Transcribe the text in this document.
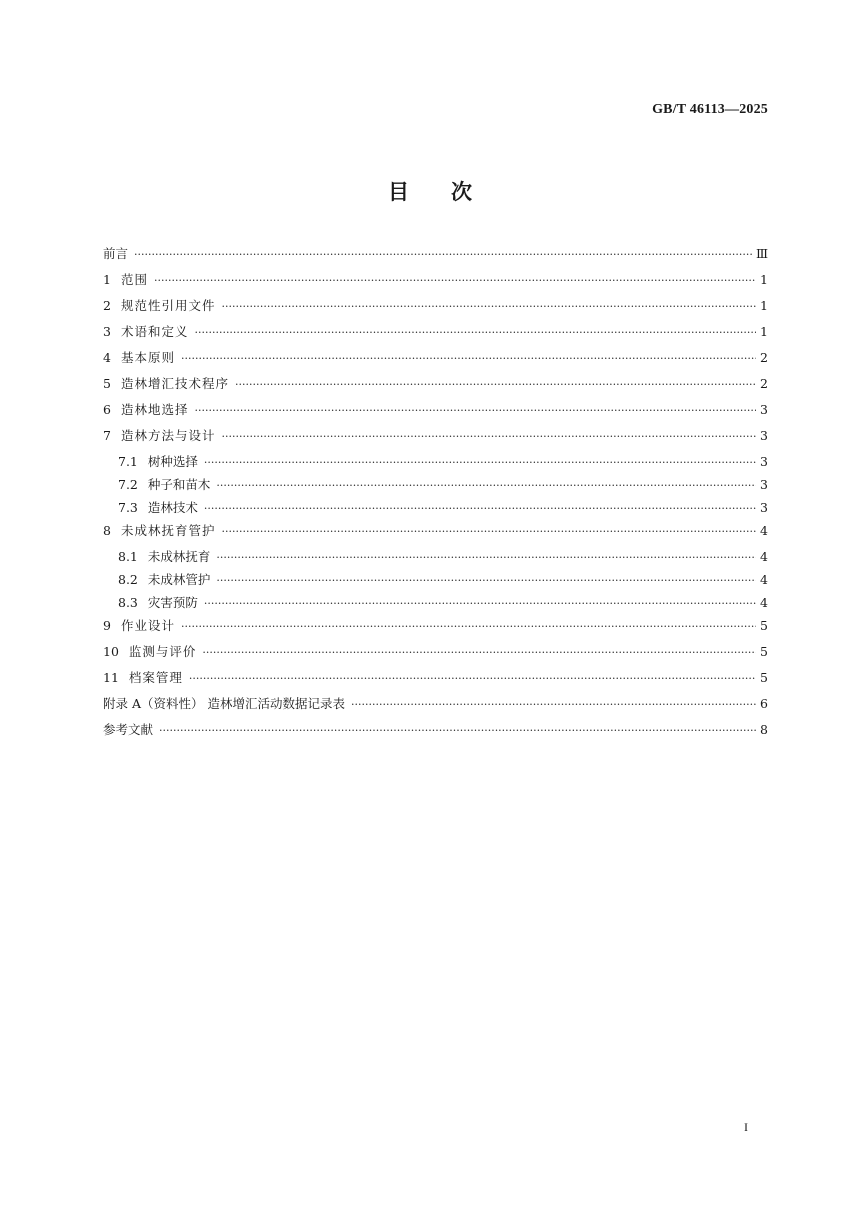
GB/T 46113—2025
目次
前言 ·····	Ⅲ
1 范围 ·····	1
2 规范性引用文件 ·····	1
3 术语和定义 ·····	1
4 基本原则 ·····	2
5 造林增汇技术程序 ·····	2
6 造林地选择 ·····	3
7 造林方法与设计 ·····	3
7.1 树种选择 ·····	3
7.2 种子和苗木 ·····	3
7.3 造林技术 ·····	3
8 未成林抚育管护 ·····	4
8.1 未成林抚育 ·····	4
8.2 未成林管护 ·····	4
8.3 灾害预防 ·····	4
9 作业设计 ·····	5
10 监测与评价 ·····	5
11 档案管理 ·····	5
附录 A（资料性） 造林增汇活动数据记录表 ·····	6
参考文献 ·····	8
I
